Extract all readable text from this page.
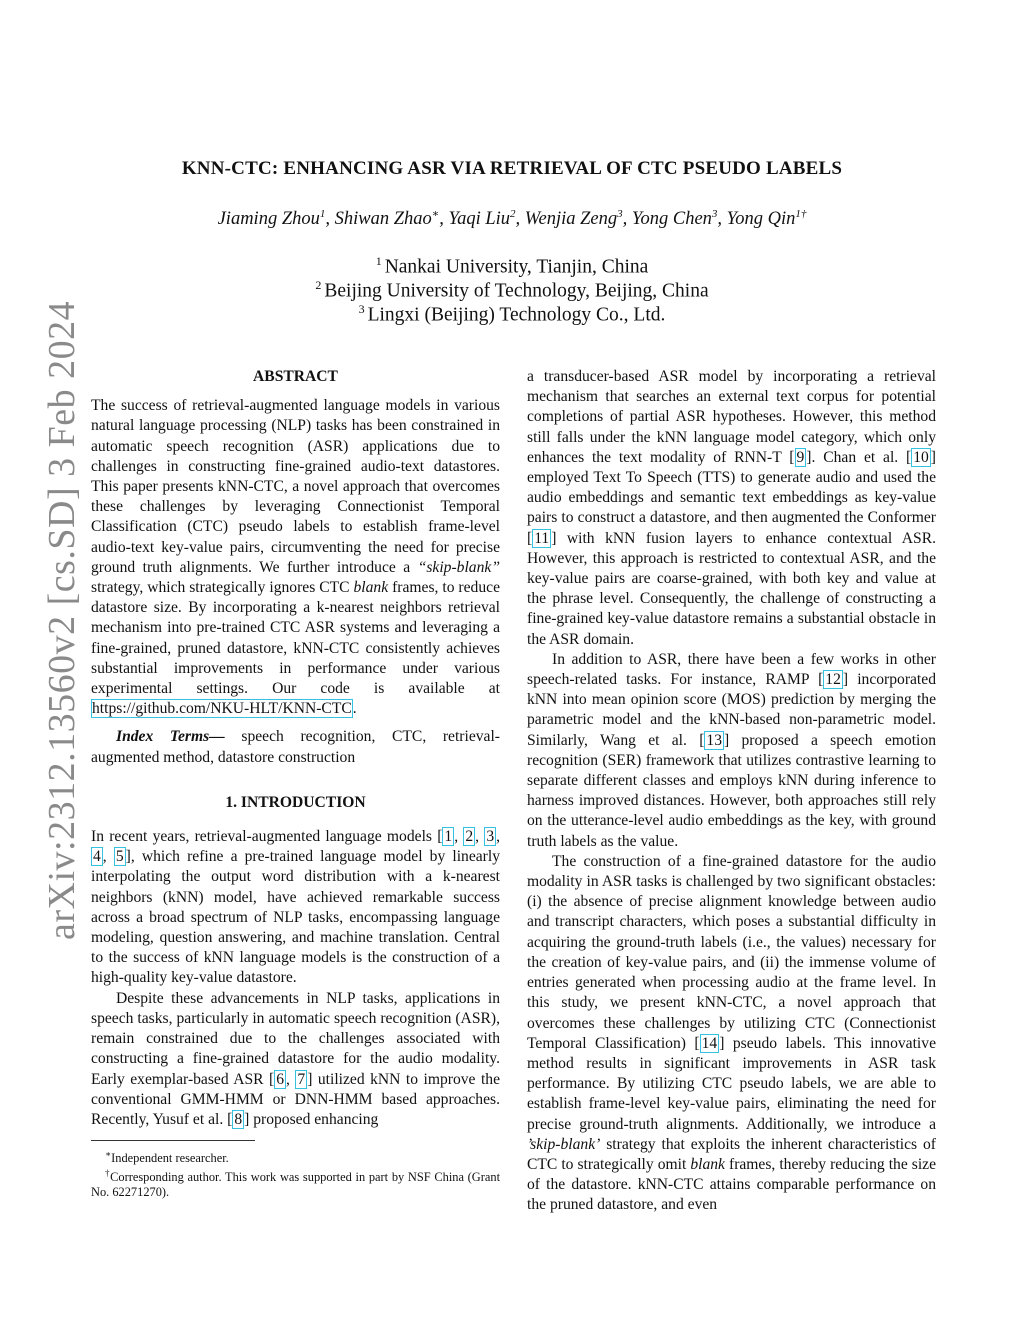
KNN-CTC: ENHANCING ASR VIA RETRIEVAL OF CTC PSEUDO LABELS
Jiaming Zhou$^1$, Shiwan Zhao∗, Yaqi Liu$^2$, Wenjia Zeng$^3$, Yong Chen$^3$, Yong Qin$^{1\dagger}$
$^1$ Nankai University, Tianjin, China
$^2$ Beijing University of Technology, Beijing, China
$^3$ Lingxi (Beijing) Technology Co., Ltd.
arXiv:2312.13560v2 [cs.SD] 3 Feb 2024	ABSTRACT

The success of retrieval-augmented language models in various natural language processing (NLP) tasks has been constrained in automatic speech recognition (ASR) applications due to challenges in constructing fine-grained audio-text datastores. This paper presents kNN-CTC, a novel approach that overcomes these challenges by leveraging Connectionist Temporal Classification (CTC) pseudo labels to establish frame-level audio-text key-value pairs, circumventing the need for precise ground truth alignments. We further introduce a “skip-blank” strategy, which strategically ignores CTC blank frames, to reduce datastore size. By incorporating a k-nearest neighbors retrieval mechanism into pre-trained CTC ASR systems and leveraging a fine-grained, pruned datastore, kNN-CTC consistently achieves substantial improvements in performance under various experimental settings. Our code is available at https://github.com/NKU-HLT/KNN-CTC.

Index Terms— speech recognition, CTC, retrieval-augmented method, datastore construction

1. INTRODUCTION

In recent years, retrieval-augmented language models [ 1 , 2 , 3 , 4 , 5 ], which refine a pre-trained language model by linearly interpolating the output word distribution with a k-nearest neighbors (kNN) model, have achieved remarkable success across a broad spectrum of NLP tasks, encompassing language modeling, question answering, and machine translation. Central to the success of kNN language models is the construction of a high-quality key-value datastore.

Despite these advancements in NLP tasks, applications in speech tasks, particularly in automatic speech recognition (ASR), remain constrained due to the challenges associated with constructing a fine-grained datastore for the audio modality. Early exemplar-based ASR [ 6 , 7 ] utilized kNN to improve the conventional GMM-HMM or DNN-HMM based approaches. Recently, Yusuf et al. [ 8 ] proposed enhancing

∗Independent researcher.
†Corresponding author. This work was supported in part by NSF China (Grant No. 62271270).

a transducer-based ASR model by incorporating a retrieval mechanism that searches an external text corpus for potential completions of partial ASR hypotheses. However, this method still falls under the kNN language model category, which only enhances the text modality of RNN-T [ 9 ]. Chan et al. [ 10 ] employed Text To Speech (TTS) to generate audio and used the audio embeddings and semantic text embeddings as key-value pairs to construct a datastore, and then augmented the Conformer [ 11 ] with kNN fusion layers to enhance contextual ASR. However, this approach is restricted to contextual ASR, and the key-value pairs are coarse-grained, with both key and value at the phrase level. Consequently, the challenge of constructing a fine-grained key-value datastore remains a substantial obstacle in the ASR domain.

In addition to ASR, there have been a few works in other speech-related tasks. For instance, RAMP [ 12 ] incorporated kNN into mean opinion score (MOS) prediction by merging the parametric model and the kNN-based non-parametric model. Similarly, Wang et al. [ 13 ] proposed a speech emotion recognition (SER) framework that utilizes contrastive learning to separate different classes and employs kNN during inference to harness improved distances. However, both approaches still rely on the utterance-level audio embeddings as the key, with ground truth labels as the value.

The construction of a fine-grained datastore for the audio modality in ASR tasks is challenged by two significant obstacles: (i) the absence of precise alignment knowledge between audio and transcript characters, which poses a substantial difficulty in acquiring the ground-truth labels (i.e., the values) necessary for the creation of key-value pairs, and (ii) the immense volume of entries generated when processing audio at the frame level. In this study, we present kNN-CTC, a novel approach that overcomes these challenges by utilizing CTC (Connectionist Temporal Classification) [ 14 ] pseudo labels. This innovative method results in significant improvements in ASR task performance. By utilizing CTC pseudo labels, we are able to establish frame-level key-value pairs, eliminating the need for precise ground-truth alignments. Additionally, we introduce a ’skip-blank’ strategy that exploits the inherent characteristics of CTC to strategically omit blank frames, thereby reducing the size of the datastore. kNN-CTC attains comparable performance on the pruned datastore, and even
